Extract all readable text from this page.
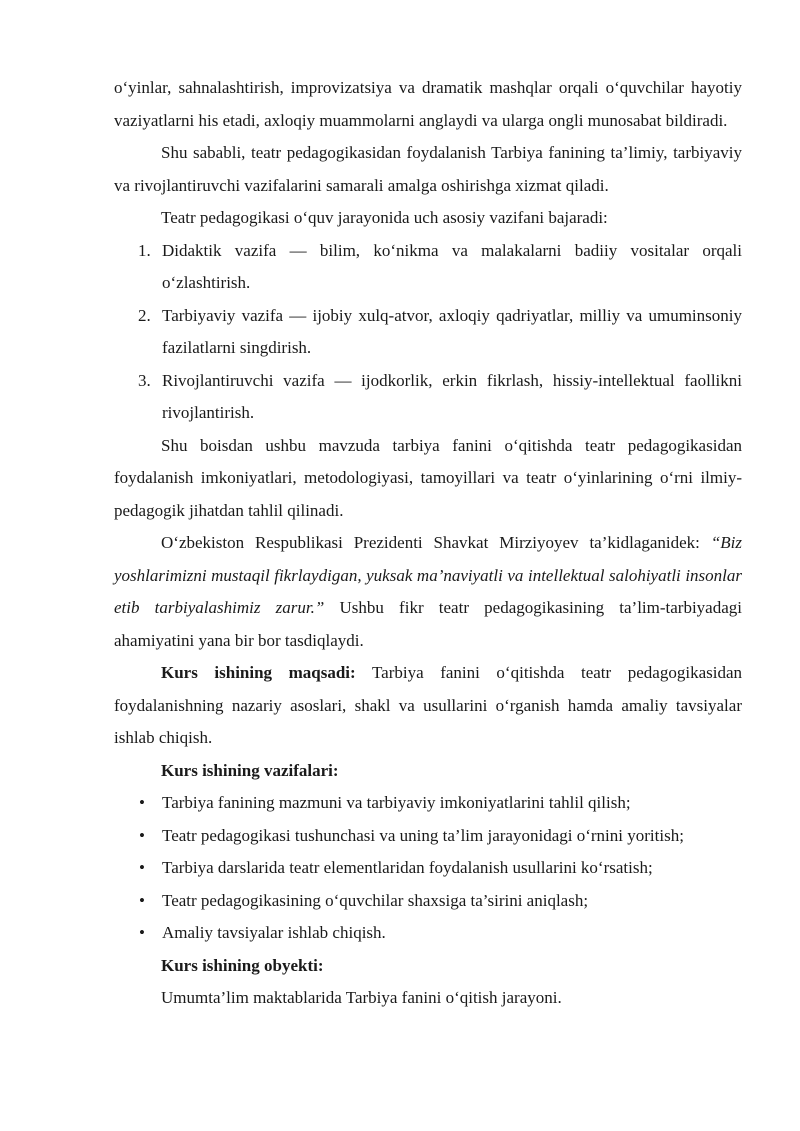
o‘yinlar, sahnalashtirish, improvizatsiya va dramatik mashqlar orqali o‘quvchilar hayotiy vaziyatlarni his etadi, axloqiy muammolarni anglaydi va ularga ongli munosabat bildiradi.

Shu sababli, teatr pedagogikasidan foydalanish Tarbiya fanining ta’limiy, tarbiyaviy va rivojlantiruvchi vazifalarini samarali amalga oshirishga xizmat qiladi.

Teatr pedagogikasi o‘quv jarayonida uch asosiy vazifani bajaradi:

1. Didaktik vazifa — bilim, ko‘nikma va malakalarni badiiy vositalar orqali o‘zlashtirish.
2. Tarbiyaviy vazifa — ijobiy xulq-atvor, axloqiy qadriyatlar, milliy va umuminsoniy fazilatlarni singdirish.
3. Rivojlantiruvchi vazifa — ijodkorlik, erkin fikrlash, hissiy-intellektual faollikni rivojlantirish.

Shu boisdan ushbu mavzuda tarbiya fanini o‘qitishda teatr pedagogikasidan foydalanish imkoniyatlari, metodologiyasi, tamoyillari va teatr o‘yinlarining o‘rni ilmiy-pedagogik jihatdan tahlil qilinadi.

O‘zbekiston Respublikasi Prezidenti Shavkat Mirziyoyev ta’kidlaganidek: “Biz yoshlarimizni mustaqil fikrlaydigan, yuksak ma’naviyatli va intellektual salohiyatli insonlar etib tarbiyalashimiz zarur.” Ushbu fikr teatr pedagogikasining ta’lim-tarbiyadagi ahamiyatini yana bir bor tasdiqlaydi.

Kurs ishining maqsadi: Tarbiya fanini o‘qitishda teatr pedagogikasidan foydalanishning nazariy asoslari, shakl va usullarini o‘rganish hamda amaliy tavsiyalar ishlab chiqish.

Kurs ishining vazifalari:

• Tarbiya fanining mazmuni va tarbiyaviy imkoniyatlarini tahlil qilish;
• Teatr pedagogikasi tushunchasi va uning ta’lim jarayonidagi o‘rnini yoritish;
• Tarbiya darslarida teatr elementlaridan foydalanish usullarini ko‘rsatish;
• Teatr pedagogikasining o‘quvchilar shaxsiga ta’sirini aniqlash;
• Amaliy tavsiyalar ishlab chiqish.

Kurs ishining obyekti:

Umumta’lim maktablarida Tarbiya fanini o‘qitish jarayoni.
